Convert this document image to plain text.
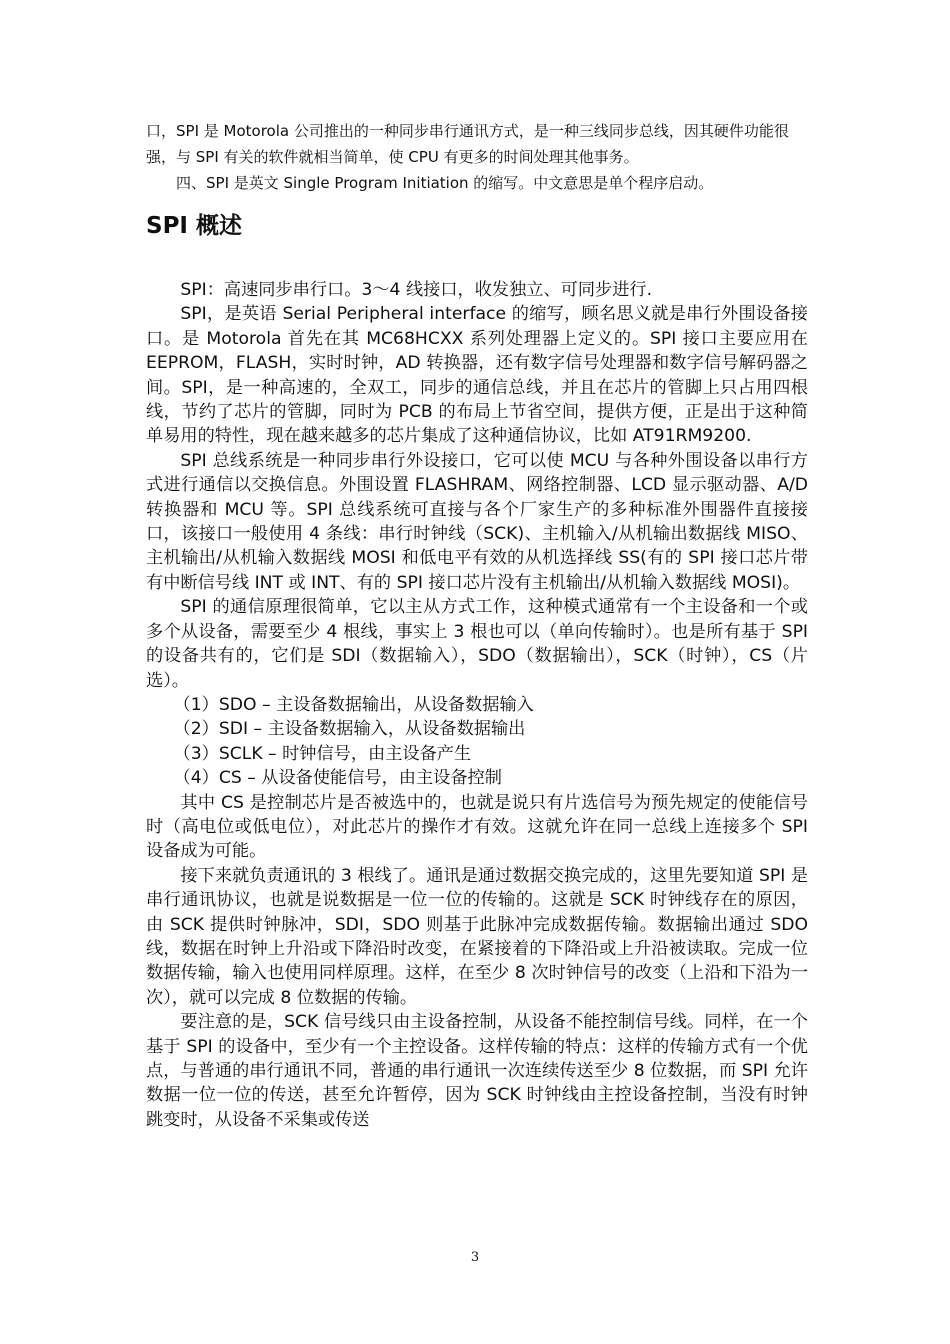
口，SPI 是 Motorola 公司推出的一种同步串行通讯方式，是一种三线同步总线，因其硬件功能很强，与 SPI 有关的软件就相当简单，使 CPU 有更多的时间处理其他事务。

四、SPI 是英文 Single Program Initiation 的缩写。中文意思是单个程序启动。

SPI 概述

SPI：高速同步串行口。3～4 线接口，收发独立、可同步进行.

SPI，是英语 Serial Peripheral interface 的缩写，顾名思义就是串行外围设备接口。是 Motorola 首先在其 MC68HCXX 系列处理器上定义的。SPI 接口主要应用在 EEPROM，FLASH，实时时钟，AD 转换器，还有数字信号处理器和数字信号解码器之间。SPI，是一种高速的，全双工，同步的通信总线，并且在芯片的管脚上只占用四根线，节约了芯片的管脚，同时为 PCB 的布局上节省空间，提供方便，正是出于这种简单易用的特性，现在越来越多的芯片集成了这种通信协议，比如 AT91RM9200.

SPI 总线系统是一种同步串行外设接口，它可以使 MCU 与各种外围设备以串行方式进行通信以交换信息。外围设置 FLASHRAM、网络控制器、LCD 显示驱动器、A/D 转换器和 MCU 等。SPI 总线系统可直接与各个厂家生产的多种标准外围器件直接接口，该接口一般使用 4 条线：串行时钟线（SCK)、主机输入/从机输出数据线 MISO、主机输出/从机输入数据线 MOSI 和低电平有效的从机选择线 SS(有的 SPI 接口芯片带有中断信号线 INT 或 INT、有的 SPI 接口芯片没有主机输出/从机输入数据线 MOSI)。

SPI 的通信原理很简单，它以主从方式工作，这种模式通常有一个主设备和一个或多个从设备，需要至少 4 根线，事实上 3 根也可以（单向传输时）。也是所有基于 SPI 的设备共有的，它们是 SDI（数据输入），SDO（数据输出），SCK（时钟），CS（片选）。

（1）SDO – 主设备数据输出，从设备数据输入

（2）SDI – 主设备数据输入，从设备数据输出

（3）SCLK – 时钟信号，由主设备产生

（4）CS – 从设备使能信号，由主设备控制

其中 CS 是控制芯片是否被选中的，也就是说只有片选信号为预先规定的使能信号时（高电位或低电位），对此芯片的操作才有效。这就允许在同一总线上连接多个 SPI 设备成为可能。

接下来就负责通讯的 3 根线了。通讯是通过数据交换完成的，这里先要知道 SPI 是串行通讯协议，也就是说数据是一位一位的传输的。这就是 SCK 时钟线存在的原因，由 SCK 提供时钟脉冲，SDI，SDO 则基于此脉冲完成数据传输。数据输出通过 SDO 线，数据在时钟上升沿或下降沿时改变，在紧接着的下降沿或上升沿被读取。完成一位数据传输，输入也使用同样原理。这样，在至少 8 次时钟信号的改变（上沿和下沿为一次），就可以完成 8 位数据的传输。

要注意的是，SCK 信号线只由主设备控制，从设备不能控制信号线。同样，在一个基于 SPI 的设备中，至少有一个主控设备。这样传输的特点：这样的传输方式有一个优点，与普通的串行通讯不同，普通的串行通讯一次连续传送至少 8 位数据，而 SPI 允许数据一位一位的传送，甚至允许暂停，因为 SCK 时钟线由主控设备控制，当没有时钟跳变时，从设备不采集或传送

3
